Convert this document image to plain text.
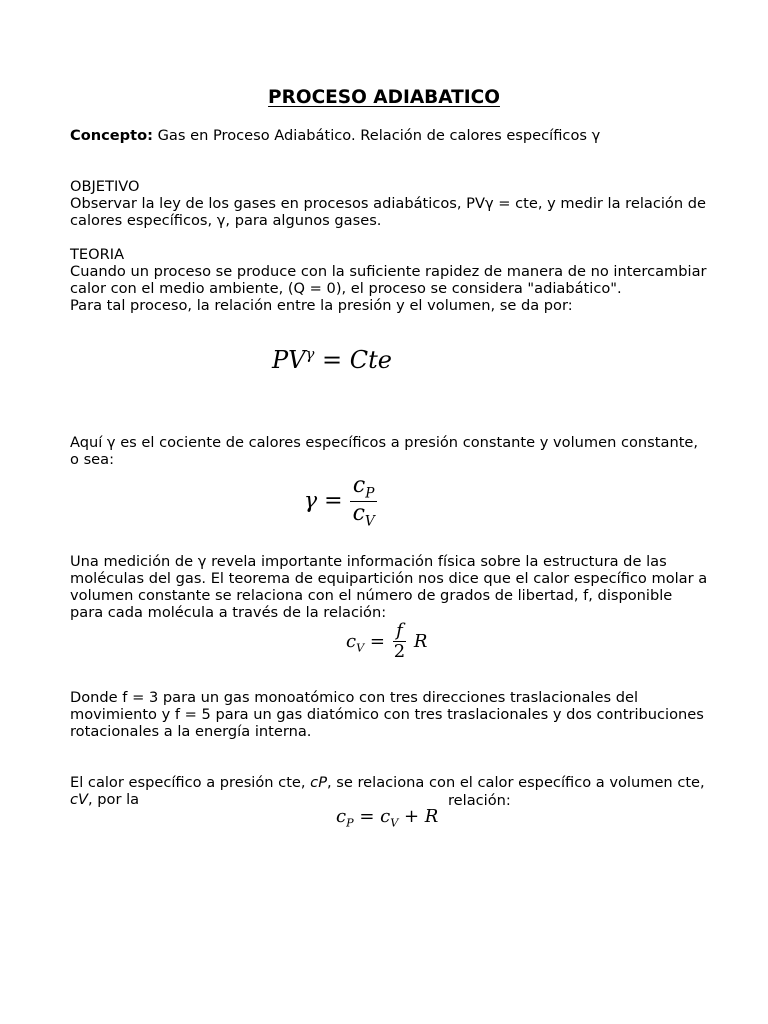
PROCESO ADIABATICO
Concepto: Gas en Proceso Adiabático. Relación de calores específicos γ
OBJETIVO
Observar la ley de los gases en procesos adiabáticos, PVγ = cte, y medir la relación de calores específicos, γ, para algunos gases.
TEORIA
Cuando un proceso se produce con la suficiente rapidez de manera de no intercambiar calor con el medio ambiente, (Q = 0), el proceso se considera "adiabático".
Para tal proceso, la relación entre la presión y el volumen, se da por:
$PV^\gamma$ = Cte
Aquí γ es el cociente de calores específicos a presión constante y volumen constante, o sea:
$\gamma = \frac{c_P}{c_V}$
Una medición de γ revela importante información física sobre la estructura de las moléculas del gas. El teorema de equipartición nos dice que el calor específico molar a volumen constante se relaciona con el número de grados de libertad, f, disponible para cada molécula a través de la relación:
$c_V = \frac{f}{2}$ R
Donde f = 3 para un gas monoatómico con tres direcciones traslacionales del movimiento y f = 5 para un gas diatómico con tres traslacionales y dos contribuciones rotacionales a la energía interna.
El calor específico a presión cte, cP, se relaciona con el calor específico a volumen cte, cV, por la	relación:
$c_P = c_V + R$
